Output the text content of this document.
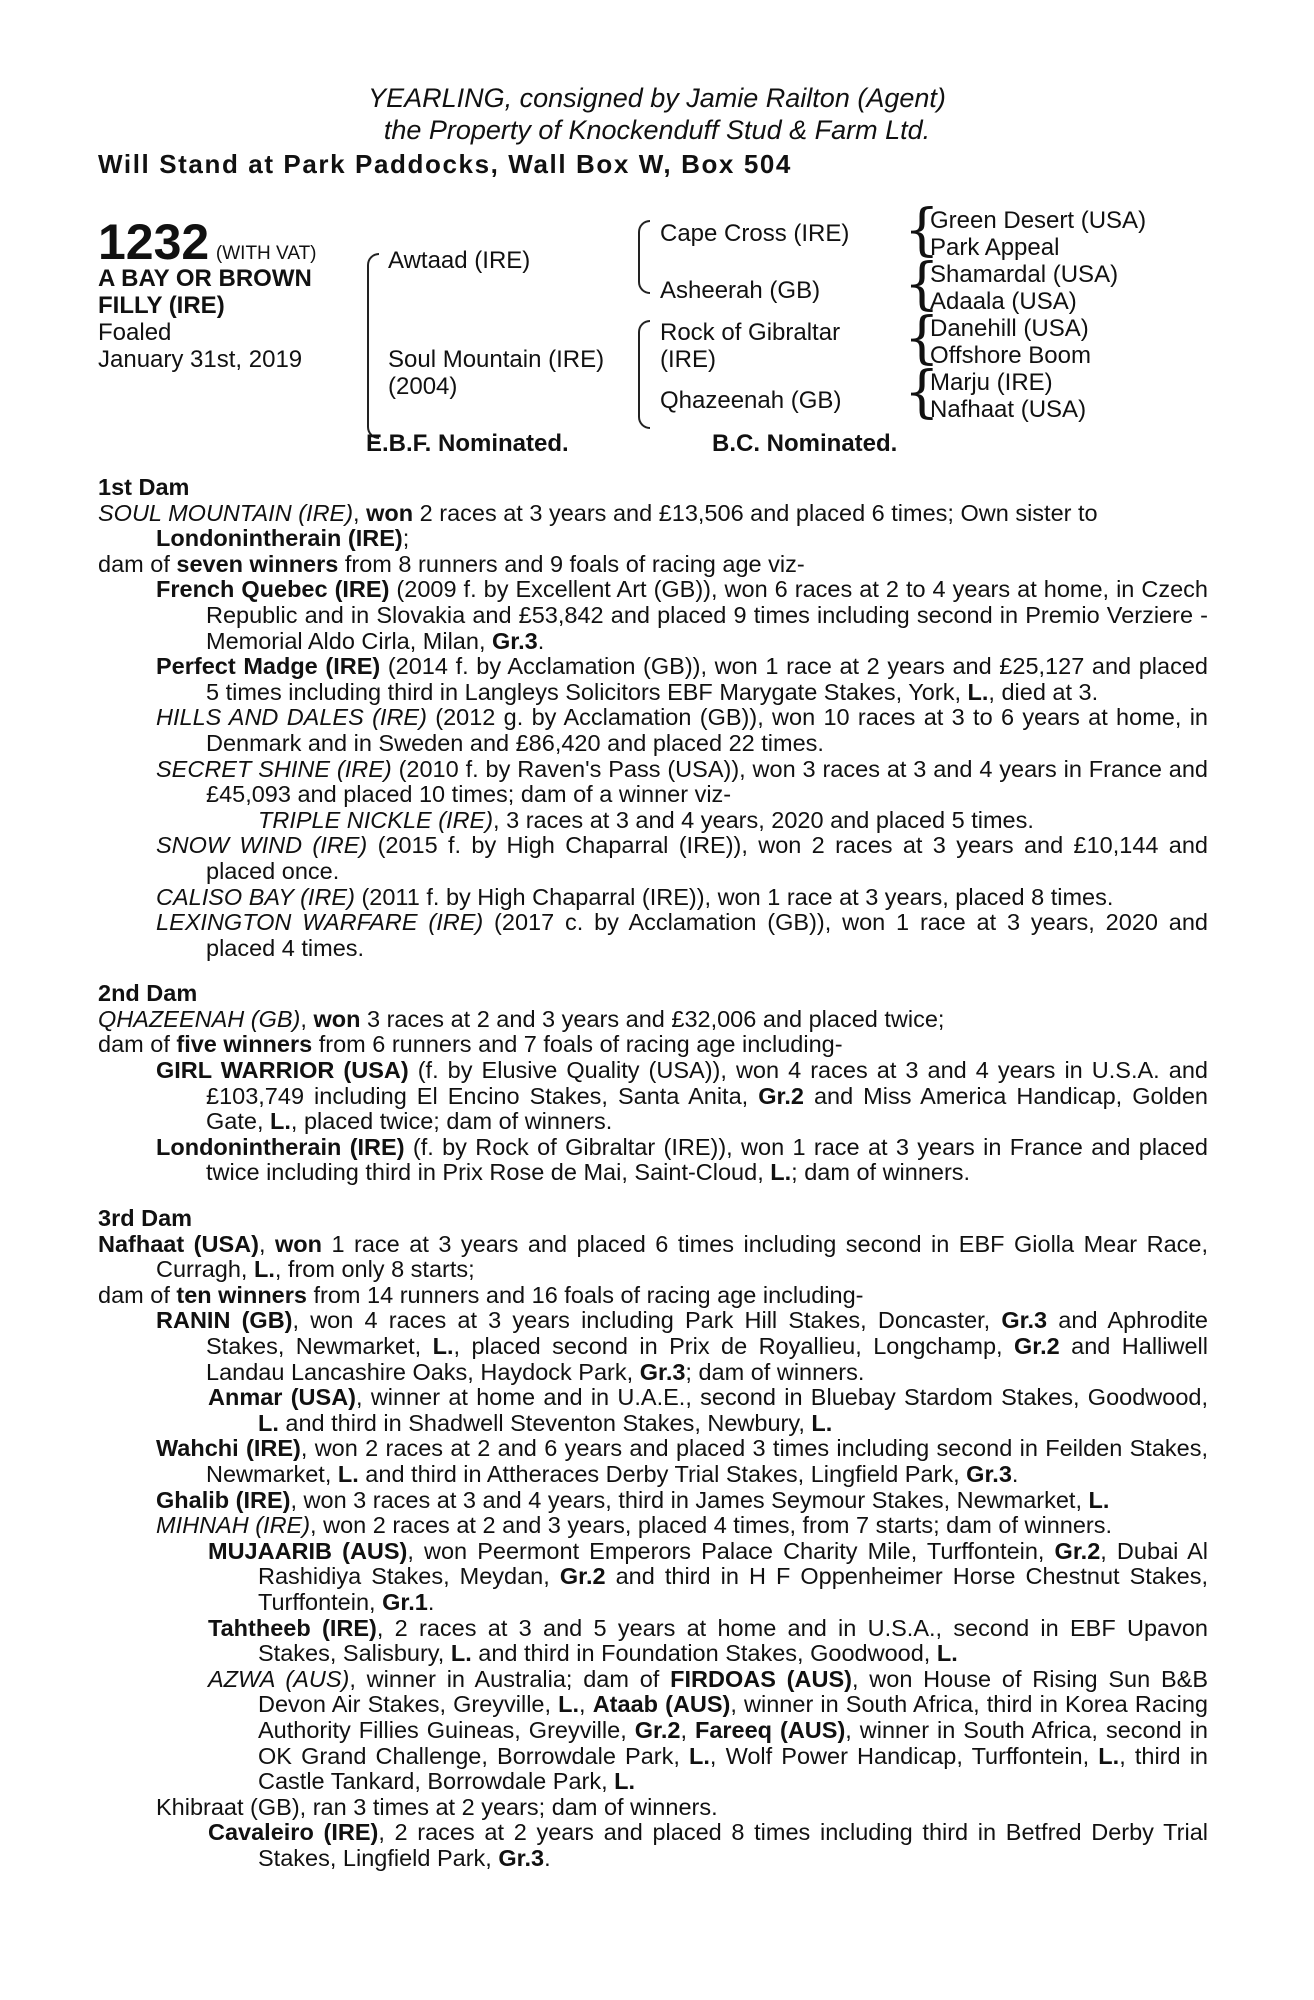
YEARLING, consigned by Jamie Railton (Agent)
the Property of Knockenduff Stud & Farm Ltd.
Will Stand at Park Paddocks, Wall Box W, Box 504
1232 (WITH VAT)
A BAY OR BROWN
FILLY (IRE)
Foaled
January 31st, 2019
Awtaad (IRE)
Soul Mountain (IRE)
(2004)
Cape Cross (IRE)
Asheerah (GB)
Rock of Gibraltar
(IRE)
Qhazeenah (GB)
{
{
{
{
Green Desert (USA)
Park Appeal
Shamardal (USA)
Adaala (USA)
Danehill (USA)
Offshore Boom
Marju (IRE)
Nafhaat (USA)
E.B.F. Nominated.	B.C. Nominated.
1st Dam
SOUL MOUNTAIN (IRE), won 2 races at 3 years and £13,506 and placed 6 times; Own sister to
Londonintherain (IRE);
dam of seven winners from 8 runners and 9 foals of racing age viz-
French Quebec (IRE) (2009 f. by Excellent Art (GB)), won 6 races at 2 to 4 years at home, in Czech Republic and in Slovakia and £53,842 and placed 9 times including second in Premio Verziere - Memorial Aldo Cirla, Milan, Gr.3.
Perfect Madge (IRE) (2014 f. by Acclamation (GB)), won 1 race at 2 years and £25,127 and placed 5 times including third in Langleys Solicitors EBF Marygate Stakes, York, L., died at 3.
HILLS AND DALES (IRE) (2012 g. by Acclamation (GB)), won 10 races at 3 to 6 years at home, in Denmark and in Sweden and £86,420 and placed 22 times.
SECRET SHINE (IRE) (2010 f. by Raven's Pass (USA)), won 3 races at 3 and 4 years in France and £45,093 and placed 10 times; dam of a winner viz-
TRIPLE NICKLE (IRE), 3 races at 3 and 4 years, 2020 and placed 5 times.
SNOW WIND (IRE) (2015 f. by High Chaparral (IRE)), won 2 races at 3 years and £10,144 and placed once.
CALISO BAY (IRE) (2011 f. by High Chaparral (IRE)), won 1 race at 3 years, placed 8 times.
LEXINGTON WARFARE (IRE) (2017 c. by Acclamation (GB)), won 1 race at 3 years, 2020 and placed 4 times.
2nd Dam
QHAZEENAH (GB), won 3 races at 2 and 3 years and £32,006 and placed twice;
dam of five winners from 6 runners and 7 foals of racing age including-
GIRL WARRIOR (USA) (f. by Elusive Quality (USA)), won 4 races at 3 and 4 years in U.S.A. and £103,749 including El Encino Stakes, Santa Anita, Gr.2 and Miss America Handicap, Golden Gate, L., placed twice; dam of winners.
Londonintherain (IRE) (f. by Rock of Gibraltar (IRE)), won 1 race at 3 years in France and placed twice including third in Prix Rose de Mai, Saint-Cloud, L.; dam of winners.
3rd Dam
Nafhaat (USA), won 1 race at 3 years and placed 6 times including second in EBF Giolla Mear Race, Curragh, L., from only 8 starts;
dam of ten winners from 14 runners and 16 foals of racing age including-
RANIN (GB), won 4 races at 3 years including Park Hill Stakes, Doncaster, Gr.3 and Aphrodite Stakes, Newmarket, L., placed second in Prix de Royallieu, Longchamp, Gr.2 and Halliwell Landau Lancashire Oaks, Haydock Park, Gr.3; dam of winners.
Anmar (USA), winner at home and in U.A.E., second in Bluebay Stardom Stakes, Goodwood, L. and third in Shadwell Steventon Stakes, Newbury, L.
Wahchi (IRE), won 2 races at 2 and 6 years and placed 3 times including second in Feilden Stakes, Newmarket, L. and third in Attheraces Derby Trial Stakes, Lingfield Park, Gr.3.
Ghalib (IRE), won 3 races at 3 and 4 years, third in James Seymour Stakes, Newmarket, L.
MIHNAH (IRE), won 2 races at 2 and 3 years, placed 4 times, from 7 starts; dam of winners.
MUJAARIB (AUS), won Peermont Emperors Palace Charity Mile, Turffontein, Gr.2, Dubai Al Rashidiya Stakes, Meydan, Gr.2 and third in H F Oppenheimer Horse Chestnut Stakes, Turffontein, Gr.1.
Tahtheeb (IRE), 2 races at 3 and 5 years at home and in U.S.A., second in EBF Upavon Stakes, Salisbury, L. and third in Foundation Stakes, Goodwood, L.
AZWA (AUS), winner in Australia; dam of FIRDOAS (AUS), won House of Rising Sun B&B Devon Air Stakes, Greyville, L., Ataab (AUS), winner in South Africa, third in Korea Racing Authority Fillies Guineas, Greyville, Gr.2, Fareeq (AUS), winner in South Africa, second in OK Grand Challenge, Borrowdale Park, L., Wolf Power Handicap, Turffontein, L., third in Castle Tankard, Borrowdale Park, L.
Khibraat (GB), ran 3 times at 2 years; dam of winners.
Cavaleiro (IRE), 2 races at 2 years and placed 8 times including third in Betfred Derby Trial Stakes, Lingfield Park, Gr.3.
